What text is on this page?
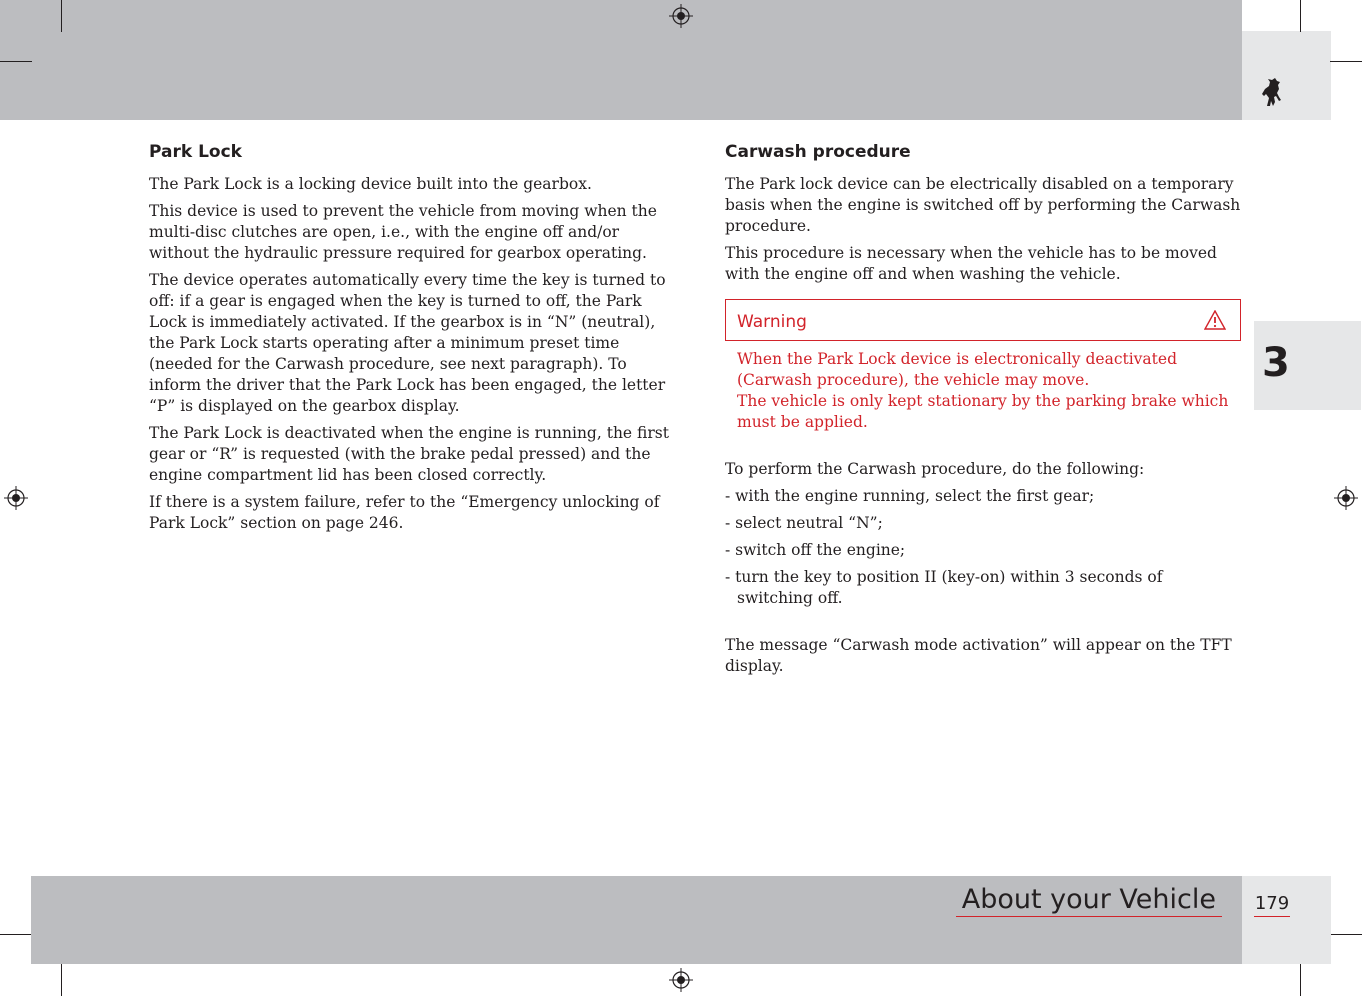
3
Park Lock

The Park Lock is a locking device built into the gearbox.

This device is used to prevent the vehicle from moving when the multi-disc clutches are open, i.e., with the engine off and/or without the hydraulic pressure required for gearbox operating.

The device operates automatically every time the key is turned to off: if a gear is engaged when the key is turned to off, the Park Lock is immediately activated. If the gearbox is in “N” (neutral), the Park Lock starts operating after a minimum preset time (needed for the Carwash procedure, see next paragraph). To inform the driver that the Park Lock has been engaged, the letter “P” is displayed on the gearbox display.

The Park Lock is deactivated when the engine is running, the first gear or “R” is requested (with the brake pedal pressed) and the engine compartment lid has been closed correctly.

If there is a system failure, refer to the “Emergency unlocking of Park Lock” section on page 246.

Carwash procedure

The Park lock device can be electrically disabled on a temporary basis when the engine is switched off by performing the Carwash procedure.

This procedure is necessary when the vehicle has to be moved with the engine off and when washing the vehicle.

Warning

When the Park Lock device is electronically deactivated (Carwash procedure), the vehicle may move.

The vehicle is only kept stationary by the parking brake which must be applied.

To perform the Carwash procedure, do the following:

- with the engine running, select the first gear;
- select neutral “N”;
- switch off the engine;
- turn the key to position II (key-on) within 3 seconds of switching off.

The message “Carwash mode activation” will appear on the TFT display.

About your Vehicle	179
